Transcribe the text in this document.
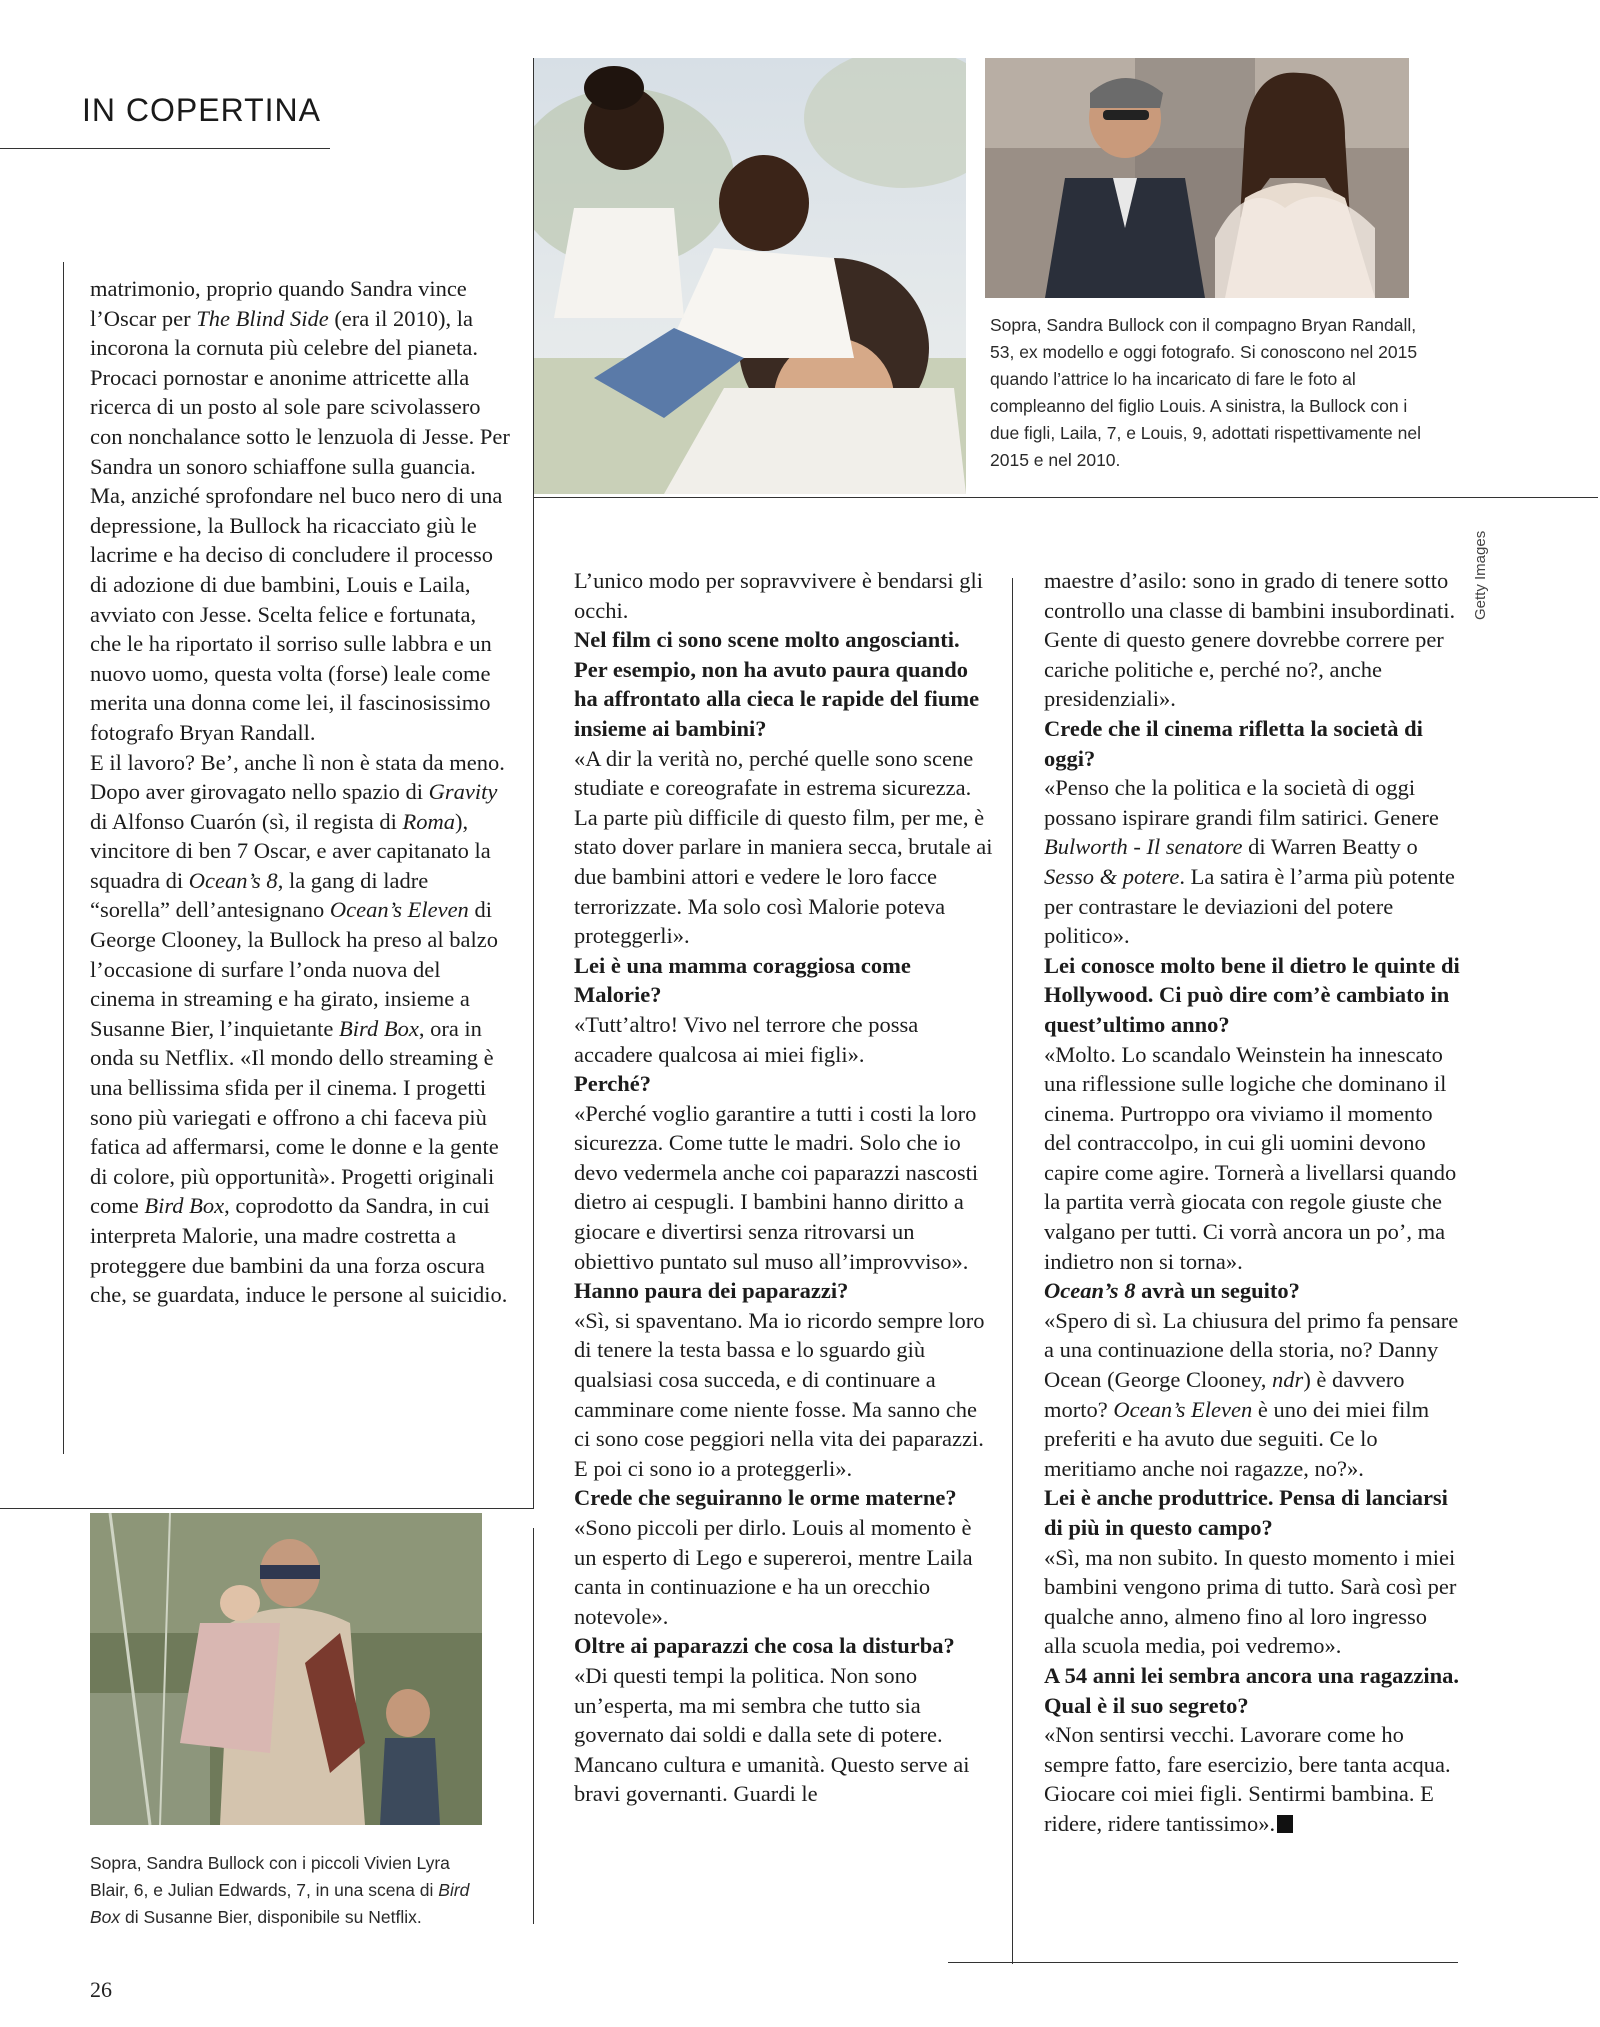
IN COPERTINA
Sopra, Sandra Bullock con il compagno Bryan Randall, 53, ex modello e oggi fotografo. Si conoscono nel 2015 quando l’attrice lo ha incaricato di fare le foto al compleanno del figlio Louis. A sinistra, la Bullock con i due figli, Laila, 7, e Louis, 9, adottati rispettivamente nel 2015 e nel 2010.

matrimonio, proprio quando Sandra vince l’Oscar per The Blind Side (era il 2010), la incorona la cornuta più celebre del pianeta. Procaci pornostar e anonime attricette alla ricerca di un posto al sole pare scivolassero con nonchalance sotto le lenzuola di Jesse. Per Sandra un sonoro schiaffone sulla guancia. Ma, anziché sprofondare nel buco nero di una depressione, la Bullock ha ricacciato giù le lacrime e ha deciso di concludere il processo di adozione di due bambini, Louis e Laila, avviato con Jesse. Scelta felice e fortunata, che le ha riportato il sorriso sulle labbra e un nuovo uomo, questa volta (forse) leale come merita una donna come lei, il fascinosissimo fotografo Bryan Randall.

E il lavoro? Be’, anche lì non è stata da meno. Dopo aver girovagato nello spazio di Gravity di Alfonso Cuarón (sì, il regista di Roma), vincitore di ben 7 Oscar, e aver capitanato la squadra di Ocean’s 8, la gang di ladre “sorella” dell’antesignano Ocean’s Eleven di George Clooney, la Bullock ha preso al balzo l’occasione di surfare l’onda nuova del cinema in streaming e ha girato, insieme a Susanne Bier, l’inquietante Bird Box, ora in onda su Netflix. «Il mondo dello streaming è una bellissima sfida per il cinema. I progetti sono più variegati e offrono a chi faceva più fatica ad affermarsi, come le donne e la gente di colore, più opportunità». Progetti originali come Bird Box, coprodotto da Sandra, in cui interpreta Malorie, una madre costretta a proteggere due bambini da una forza oscura che, se guardata, induce le persone al suicidio.

Sopra, Sandra Bullock con i piccoli Vivien Lyra Blair, 6, e Julian Edwards, 7, in una scena di Bird Box di Susanne Bier, disponibile su Netflix.

L’unico modo per sopravvivere è bendarsi gli occhi.

Nel film ci sono scene molto angoscianti. Per esempio, non ha avuto paura quando ha affrontato alla cieca le rapide del fiume insieme ai bambini?

«A dir la verità no, perché quelle sono scene studiate e coreografate in estrema sicurezza. La parte più difficile di questo film, per me, è stato dover parlare in maniera secca, brutale ai due bambini attori e vedere le loro facce terrorizzate. Ma solo così Malorie poteva proteggerli».

Lei è una mamma coraggiosa come Malorie?

«Tutt’altro! Vivo nel terrore che possa accadere qualcosa ai miei figli».

Perché?

«Perché voglio garantire a tutti i costi la loro sicurezza. Come tutte le madri. Solo che io devo vedermela anche coi paparazzi nascosti dietro ai cespugli. I bambini hanno diritto a giocare e divertirsi senza ritrovarsi un obiettivo puntato sul muso all’improvviso».

Hanno paura dei paparazzi?

«Sì, si spaventano. Ma io ricordo sempre loro di tenere la testa bassa e lo sguardo giù qualsiasi cosa succeda, e di continuare a camminare come niente fosse. Ma sanno che ci sono cose peggiori nella vita dei paparazzi. E poi ci sono io a proteggerli».

Crede che seguiranno le orme materne?

«Sono piccoli per dirlo. Louis al momento è un esperto di Lego e supereroi, mentre Laila canta in continuazione e ha un orecchio notevole».

Oltre ai paparazzi che cosa la disturba?

«Di questi tempi la politica. Non sono un’esperta, ma mi sembra che tutto sia governato dai soldi e dalla sete di potere. Mancano cultura e umanità. Questo serve ai bravi governanti. Guardi le

maestre d’asilo: sono in grado di tenere sotto controllo una classe di bambini insubordinati. Gente di questo genere dovrebbe correre per cariche politiche e, perché no?, anche presidenziali».

Crede che il cinema rifletta la società di oggi?

«Penso che la politica e la società di oggi possano ispirare grandi film satirici. Genere Bulworth - Il senatore di Warren Beatty o Sesso & potere. La satira è l’arma più potente per contrastare le deviazioni del potere politico».

Lei conosce molto bene il dietro le quinte di Hollywood. Ci può dire com’è cambiato in quest’ultimo anno?

«Molto. Lo scandalo Weinstein ha innescato una riflessione sulle logiche che dominano il cinema. Purtroppo ora viviamo il momento del contraccolpo, in cui gli uomini devono capire come agire. Tornerà a livellarsi quando la partita verrà giocata con regole giuste che valgano per tutti. Ci vorrà ancora un po’, ma indietro non si torna».

Ocean’s 8 avrà un seguito?

«Spero di sì. La chiusura del primo fa pensare a una continuazione della storia, no? Danny Ocean (George Clooney, ndr) è davvero morto? Ocean’s Eleven è uno dei miei film preferiti e ha avuto due seguiti. Ce lo meritiamo anche noi ragazze, no?».

Lei è anche produttrice. Pensa di lanciarsi di più in questo campo?

«Sì, ma non subito. In questo momento i miei bambini vengono prima di tutto. Sarà così per qualche anno, almeno fino al loro ingresso alla scuola media, poi vedremo».

A 54 anni lei sembra ancora una ragazzina. Qual è il suo segreto?

«Non sentirsi vecchi. Lavorare come ho sempre fatto, fare esercizio, bere tanta acqua. Giocare coi miei figli. Sentirmi bambina. E ridere, ridere tantissimo».

Getty Images
26
